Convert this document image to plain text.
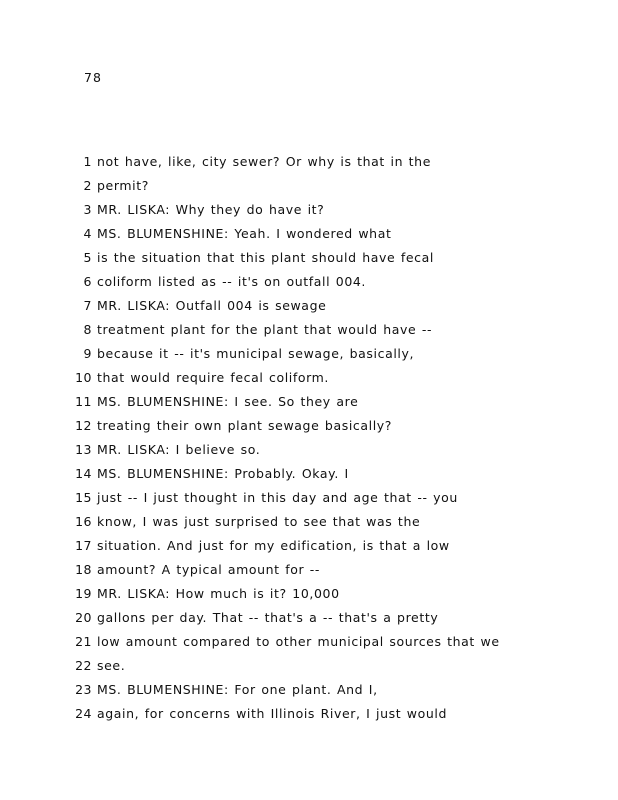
78
1 not have, like, city sewer? Or why is that in the
2 permit?
3 MR. LISKA: Why they do have it?
4 MS. BLUMENSHINE: Yeah. I wondered what
5 is the situation that this plant should have fecal
6 coliform listed as -- it's on outfall 004.
7 MR. LISKA: Outfall 004 is sewage
8 treatment plant for the plant that would have --
9 because it -- it's municipal sewage, basically,
10 that would require fecal coliform.
11 MS. BLUMENSHINE: I see. So they are
12 treating their own plant sewage basically?
13 MR. LISKA: I believe so.
14 MS. BLUMENSHINE: Probably. Okay. I
15 just -- I just thought in this day and age that -- you
16 know, I was just surprised to see that was the
17 situation. And just for my edification, is that a low
18 amount? A typical amount for --
19 MR. LISKA: How much is it? 10,000
20 gallons per day. That -- that's a -- that's a pretty
21 low amount compared to other municipal sources that we
22 see.
23 MS. BLUMENSHINE: For one plant. And I,
24 again, for concerns with Illinois River, I just would
